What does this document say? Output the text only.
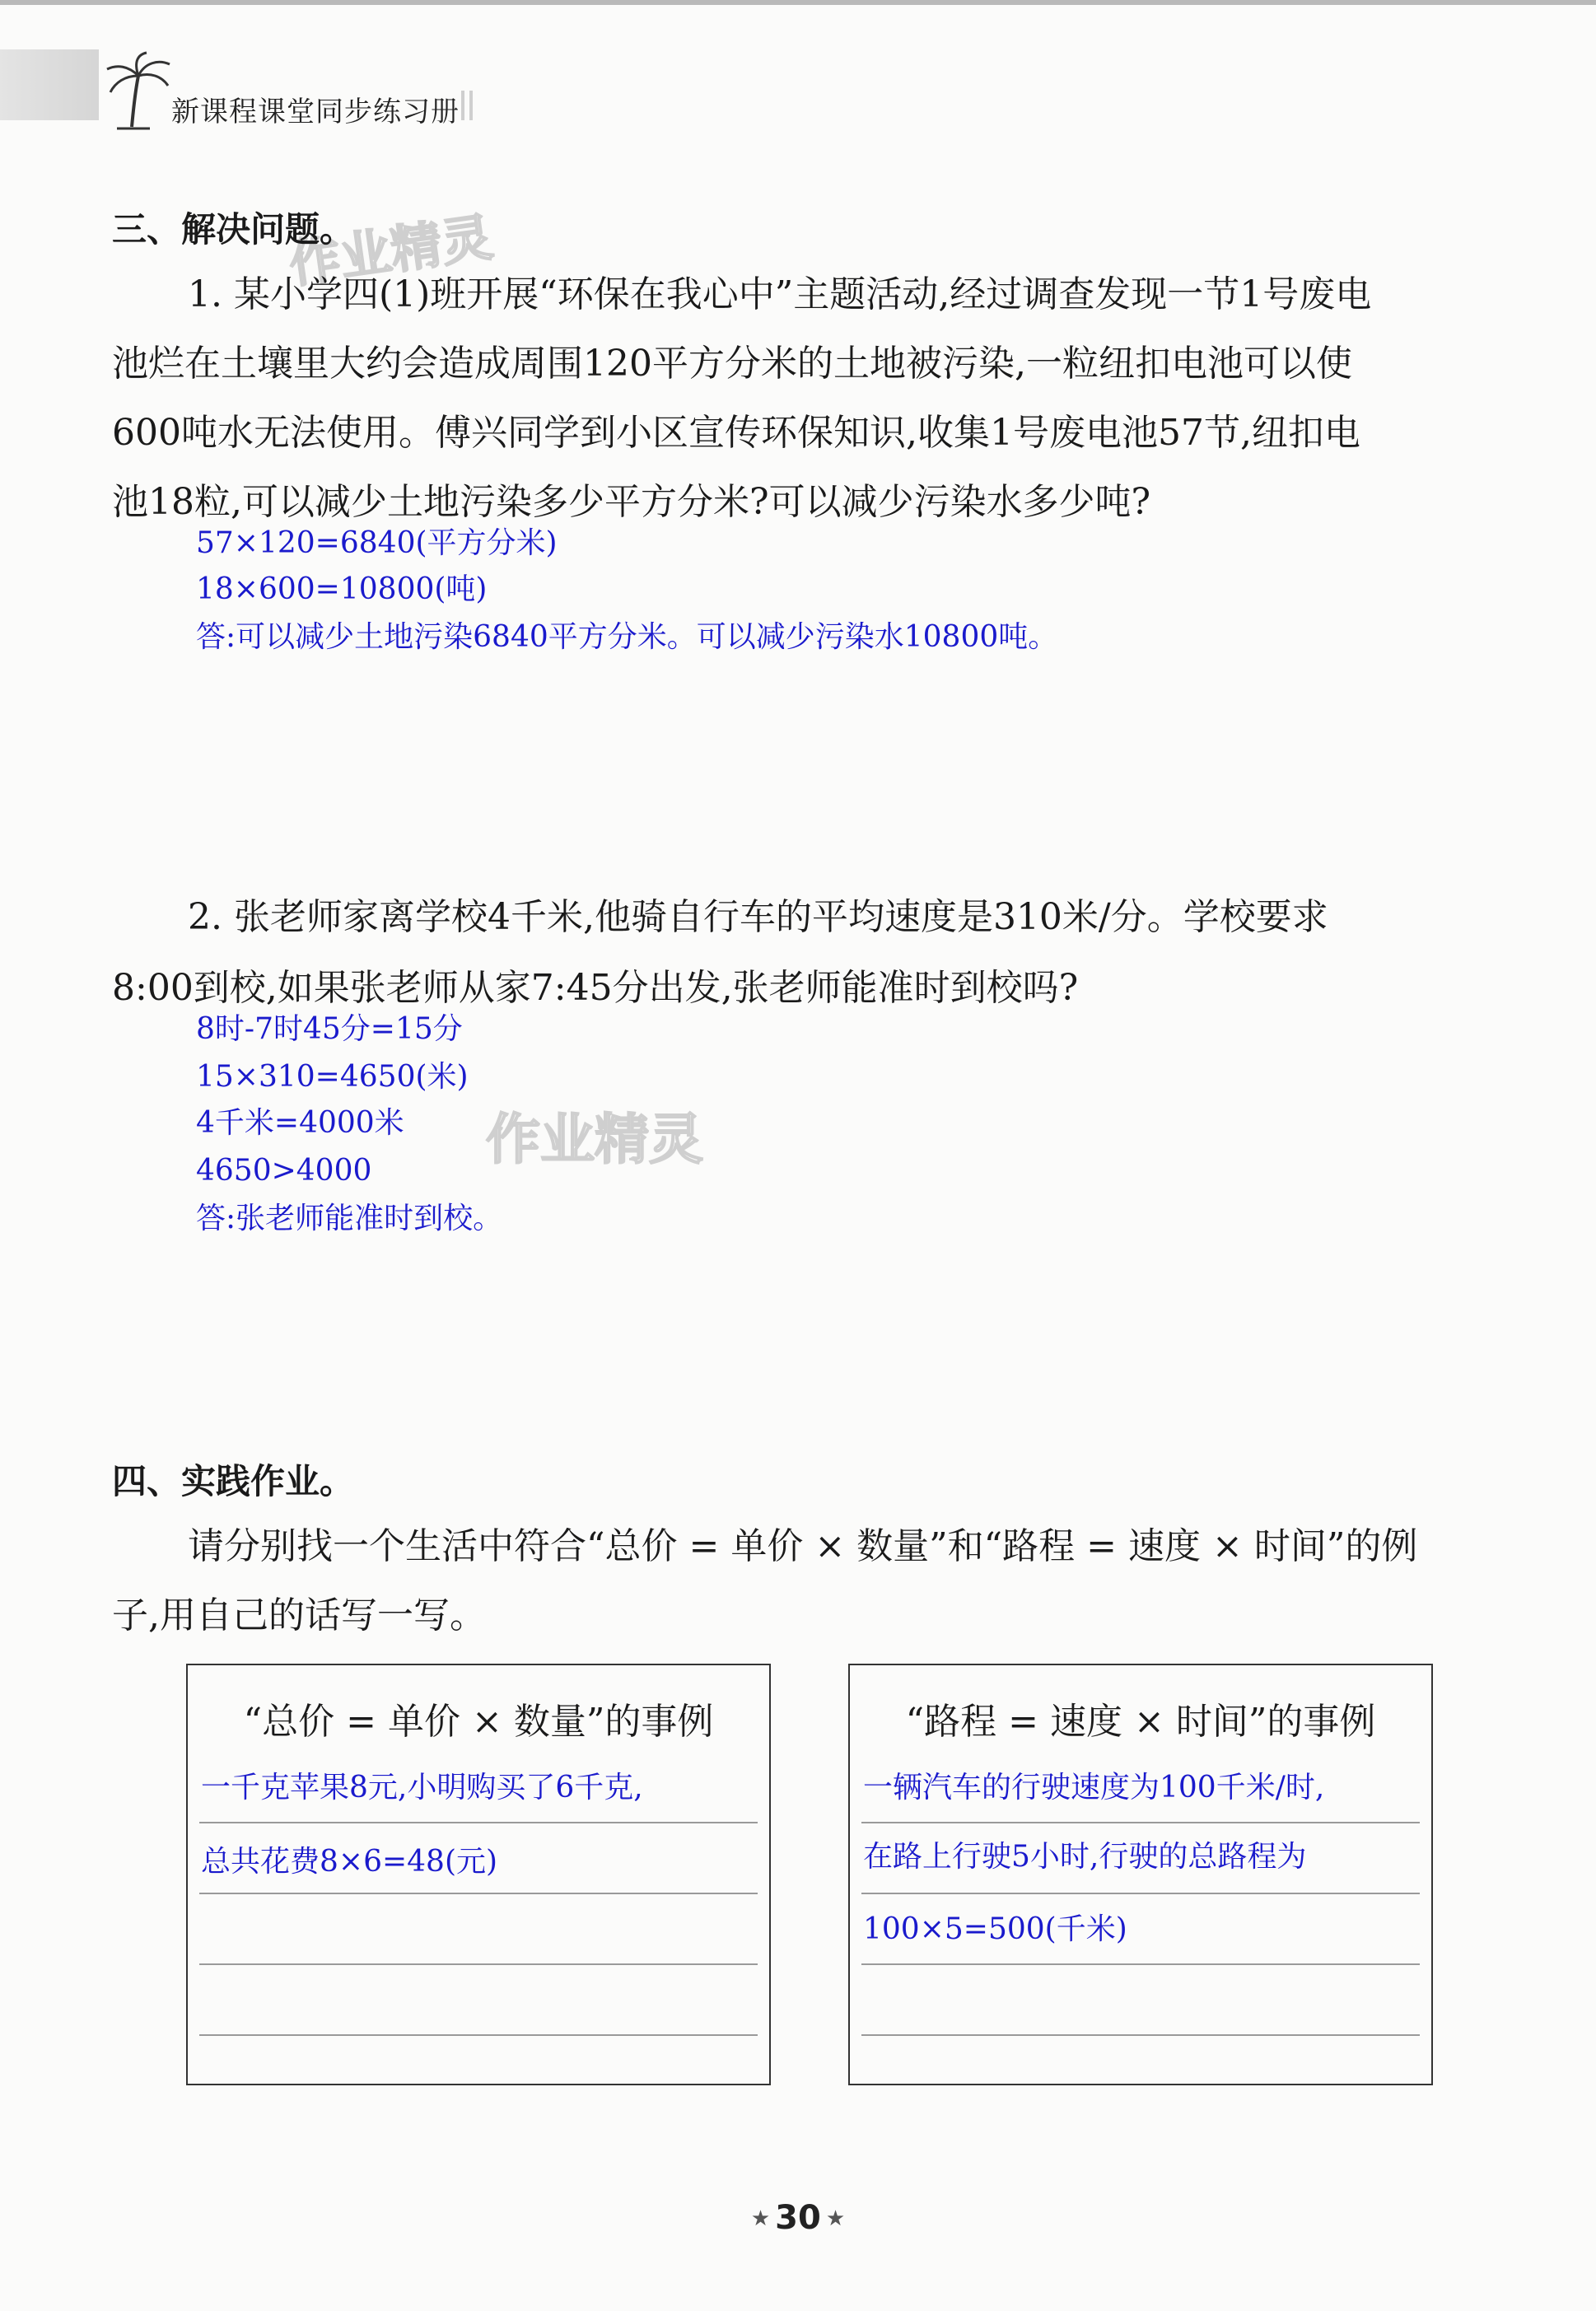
新课程课堂同步练习册
作业精灵
作业精灵
三、解决问题。
1. 某小学四(1)班开展“环保在我心中”主题活动,经过调查发现一节1号废电
池烂在土壤里大约会造成周围120平方分米的土地被污染,一粒纽扣电池可以使
600吨水无法使用。傅兴同学到小区宣传环保知识,收集1号废电池57节,纽扣电
池18粒,可以减少土地污染多少平方分米?可以减少污染水多少吨?
57×120=6840(平方分米)
18×600=10800(吨)
答:可以减少土地污染6840平方分米。可以减少污染水10800吨。
2. 张老师家离学校4千米,他骑自行车的平均速度是310米/分。学校要求
8:00到校,如果张老师从家7:45分出发,张老师能准时到校吗?
8时-7时45分=15分
15×310=4650(米)
4千米=4000米
4650>4000
答:张老师能准时到校。
四、实践作业。
请分别找一个生活中符合“总价 = 单价 × 数量”和“路程 = 速度 × 时间”的例
子,用自己的话写一写。
“总价 = 单价 × 数量”的事例
一千克苹果8元,小明购买了6千克,
总共花费8×6=48(元)
“路程 = 速度 × 时间”的事例
一辆汽车的行驶速度为100千米/时,
在路上行驶5小时,行驶的总路程为
100×5=500(千米)
★ 30 ★
